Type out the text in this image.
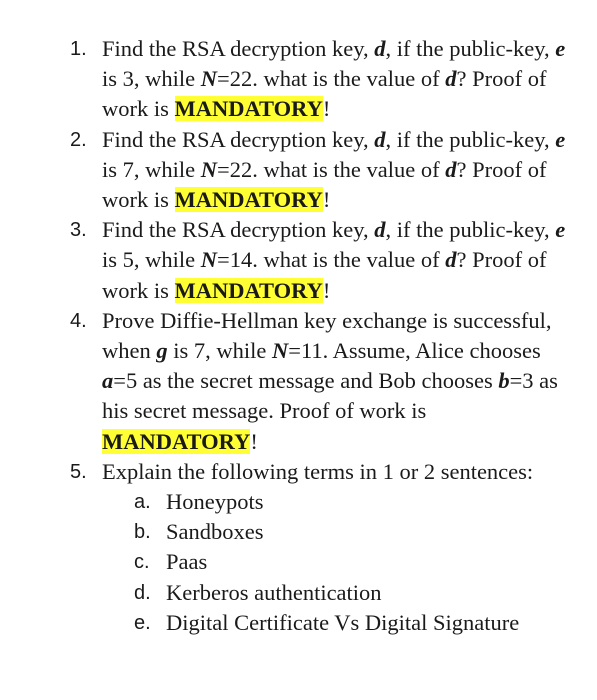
1. Find the RSA decryption key, d, if the public-key, e is 3, while N=22. what is the value of d? Proof of work is MANDATORY!
2. Find the RSA decryption key, d, if the public-key, e is 7, while N=22. what is the value of d? Proof of work is MANDATORY!
3. Find the RSA decryption key, d, if the public-key, e is 5, while N=14. what is the value of d? Proof of work is MANDATORY!
4. Prove Diffie-Hellman key exchange is successful, when g is 7, while N=11. Assume, Alice chooses a=5 as the secret message and Bob chooses b=3 as his secret message. Proof of work is MANDATORY!
5. Explain the following terms in 1 or 2 sentences:
a. Honeypots
b. Sandboxes
c. Paas
d. Kerberos authentication
e. Digital Certificate Vs Digital Signature
